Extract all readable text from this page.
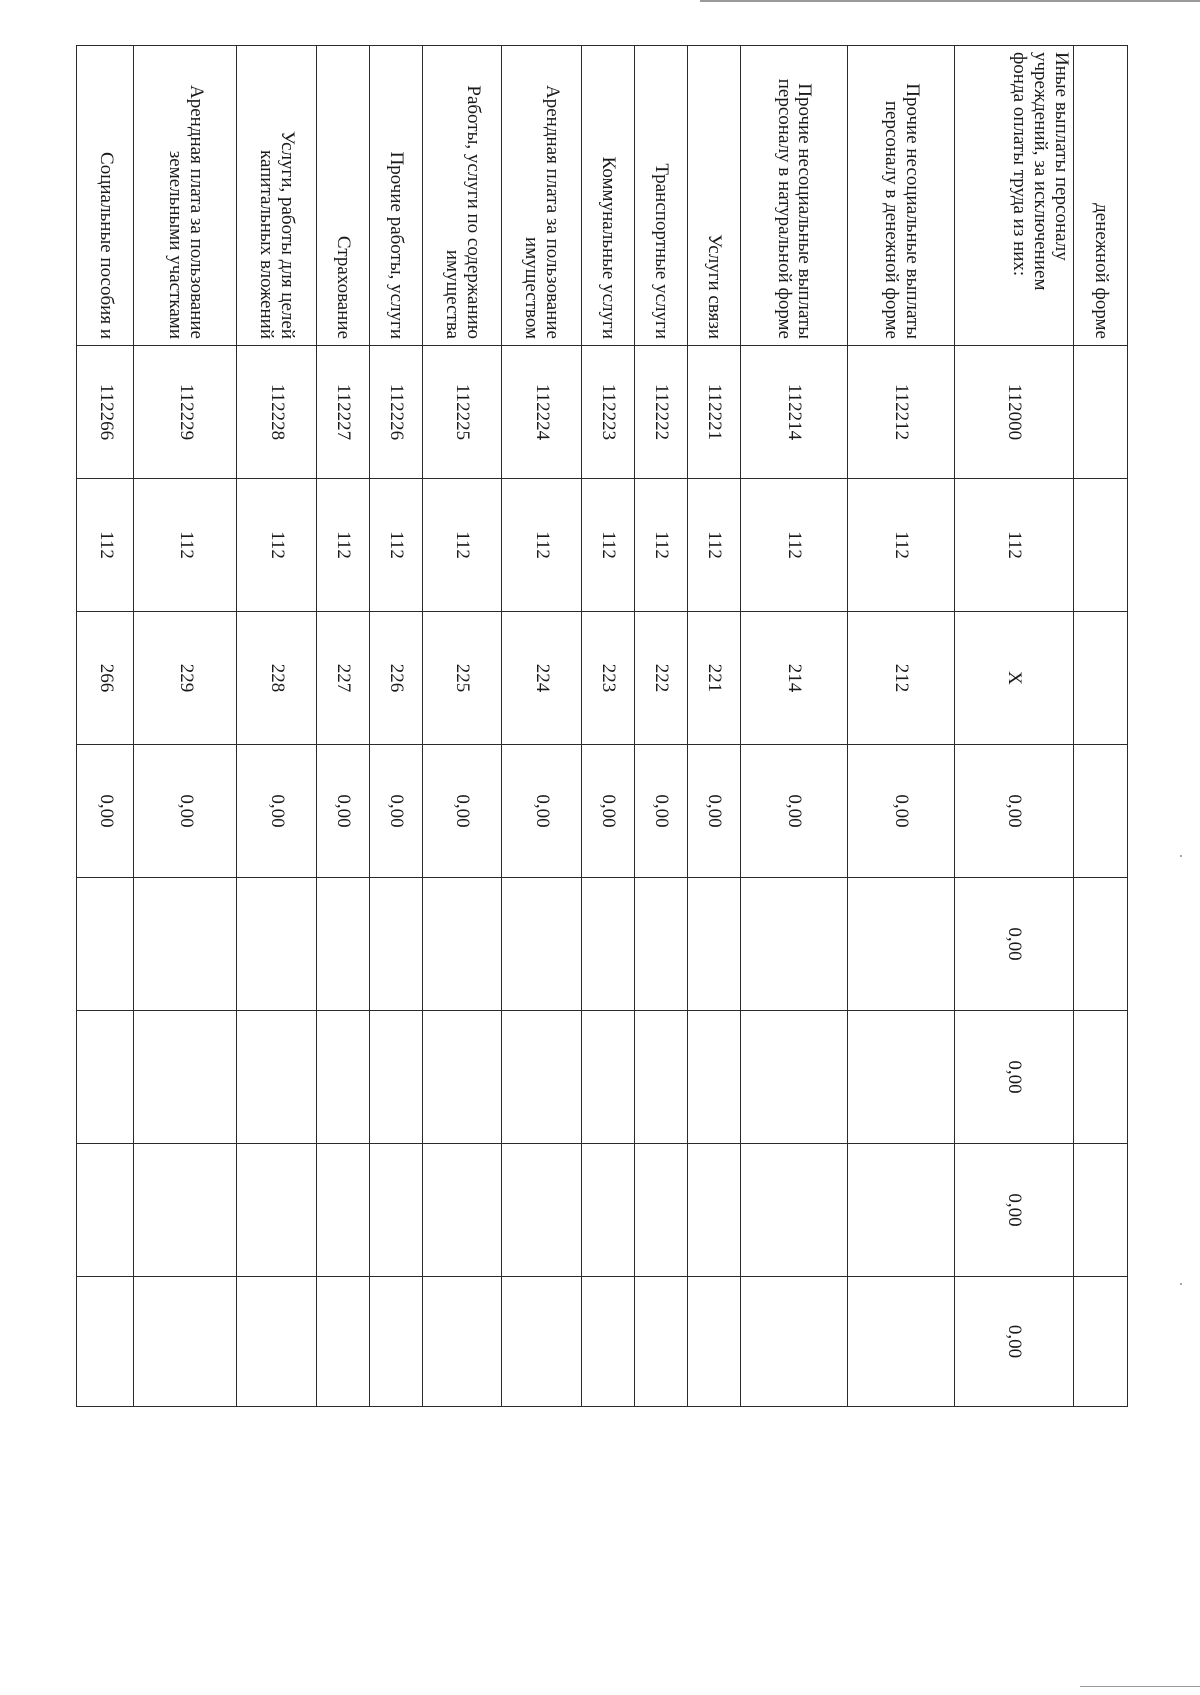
денежной форме								
Иные выплаты персоналу учреждений, за исключением фонда оплаты труда из них:	112000	112	X	0,00	0,00	0,00	0,00	0,00
Прочие несоциальные выплаты персоналу в денежной форме	112212	112	212	0,00				
Прочие несоциальные выплаты персоналу в натуральной форме	112214	112	214	0,00				
Услуги связи	112221	112	221	0,00				
Транспортные услуги	112222	112	222	0,00				
Коммунальные услуги	112223	112	223	0,00				
Арендная плата за пользование имуществом	112224	112	224	0,00				
Работы, услуги по содержанию имущества	112225	112	225	0,00				
Прочие работы, услуги	112226	112	226	0,00				
Страхование	112227	112	227	0,00				
Услуги, работы для целей капитальных вложений	112228	112	228	0,00				
Арендная плата за пользование земельными участками	112229	112	229	0,00				
Социальные пособия и	112266	112	266	0,00				
